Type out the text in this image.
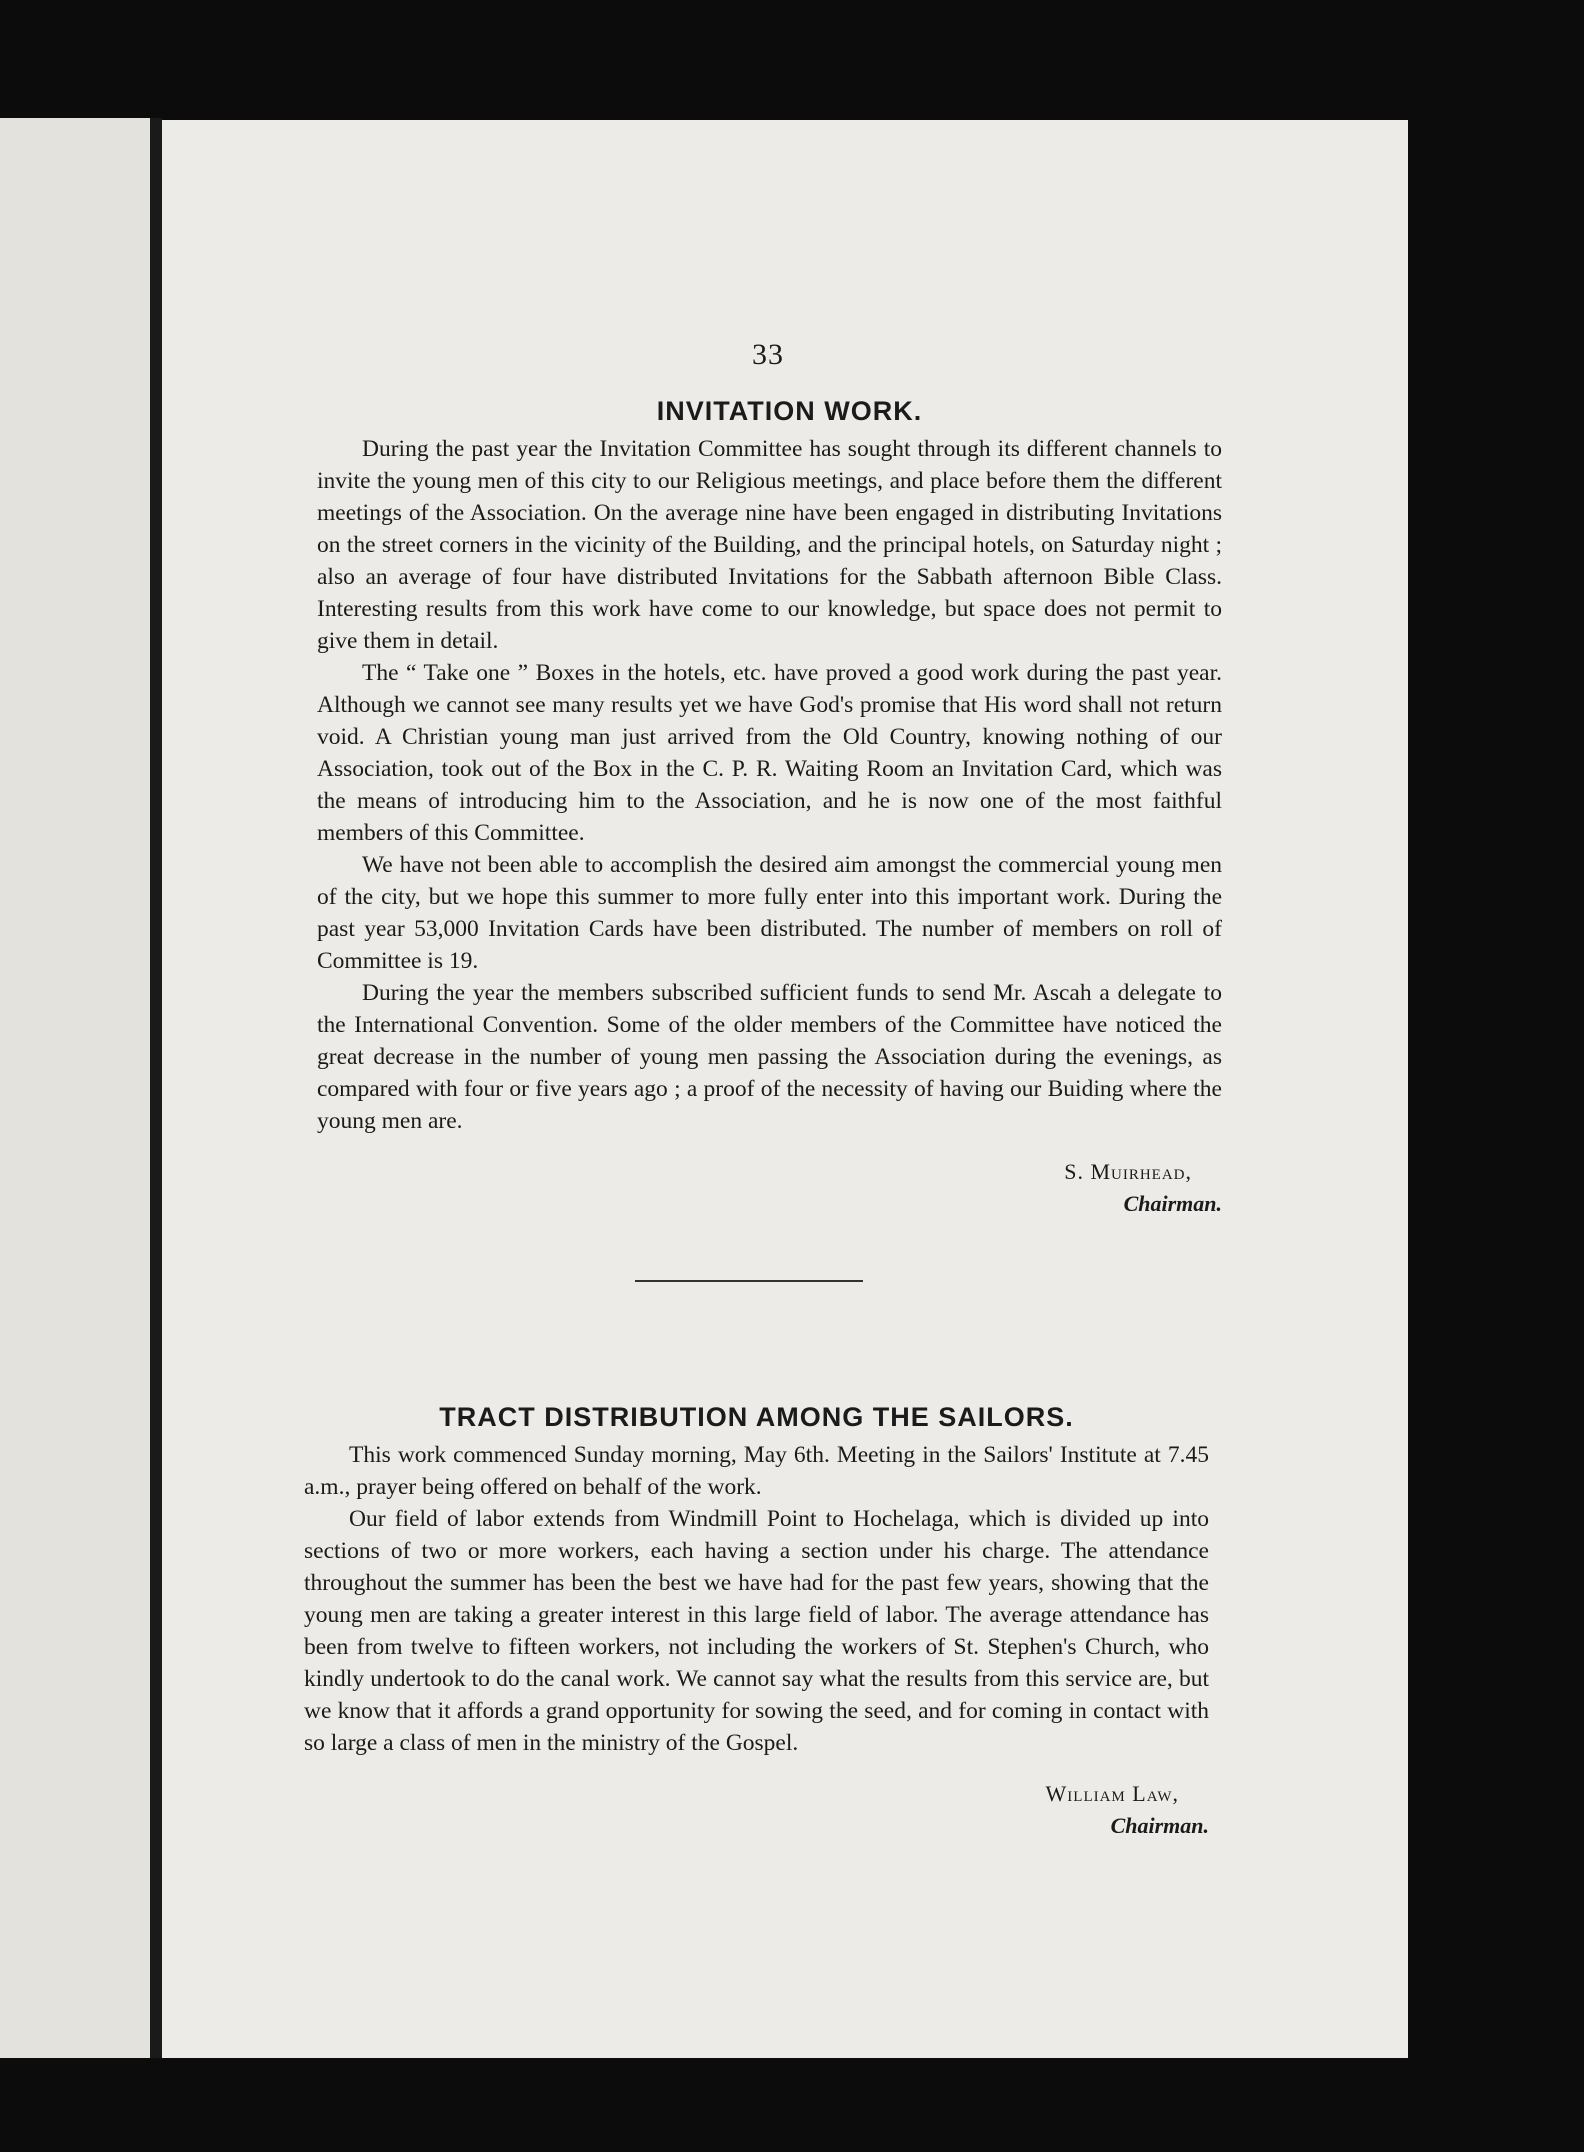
33
INVITATION WORK.

During the past year the Invitation Committee has sought through its different channels to invite the young men of this city to our Religious meetings, and place before them the different meetings of the Association. On the average nine have been engaged in distributing Invitations on the street corners in the vicinity of the Building, and the principal hotels, on Saturday night ; also an average of four have distributed Invitations for the Sabbath afternoon Bible Class. Interesting results from this work have come to our knowledge, but space does not permit to give them in detail.

The “ Take one ” Boxes in the hotels, etc. have proved a good work during the past year. Although we cannot see many results yet we have God's promise that His word shall not return void. A Christian young man just arrived from the Old Country, knowing nothing of our Association, took out of the Box in the C. P. R. Waiting Room an Invitation Card, which was the means of introducing him to the Association, and he is now one of the most faithful members of this Committee.

We have not been able to accomplish the desired aim amongst the commercial young men of the city, but we hope this summer to more fully enter into this important work. During the past year 53,000 Invitation Cards have been distributed. The number of members on roll of Committee is 19.

During the year the members subscribed sufficient funds to send Mr. Ascah a delegate to the International Convention. Some of the older members of the Committee have noticed the great decrease in the number of young men passing the Association during the evenings, as compared with four or five years ago ; a proof of the necessity of having our Buiding where the young men are.

S. Muirhead,
Chairman.
TRACT DISTRIBUTION AMONG THE SAILORS.

This work commenced Sunday morning, May 6th. Meeting in the Sailors' Institute at 7.45 a.m., prayer being offered on behalf of the work.

Our field of labor extends from Windmill Point to Hochelaga, which is divided up into sections of two or more workers, each having a section under his charge. The attendance throughout the summer has been the best we have had for the past few years, showing that the young men are taking a greater interest in this large field of labor. The average attendance has been from twelve to fifteen workers, not including the workers of St. Stephen's Church, who kindly undertook to do the canal work. We cannot say what the results from this service are, but we know that it affords a grand opportunity for sowing the seed, and for coming in contact with so large a class of men in the ministry of the Gospel.

William Law,
Chairman.
